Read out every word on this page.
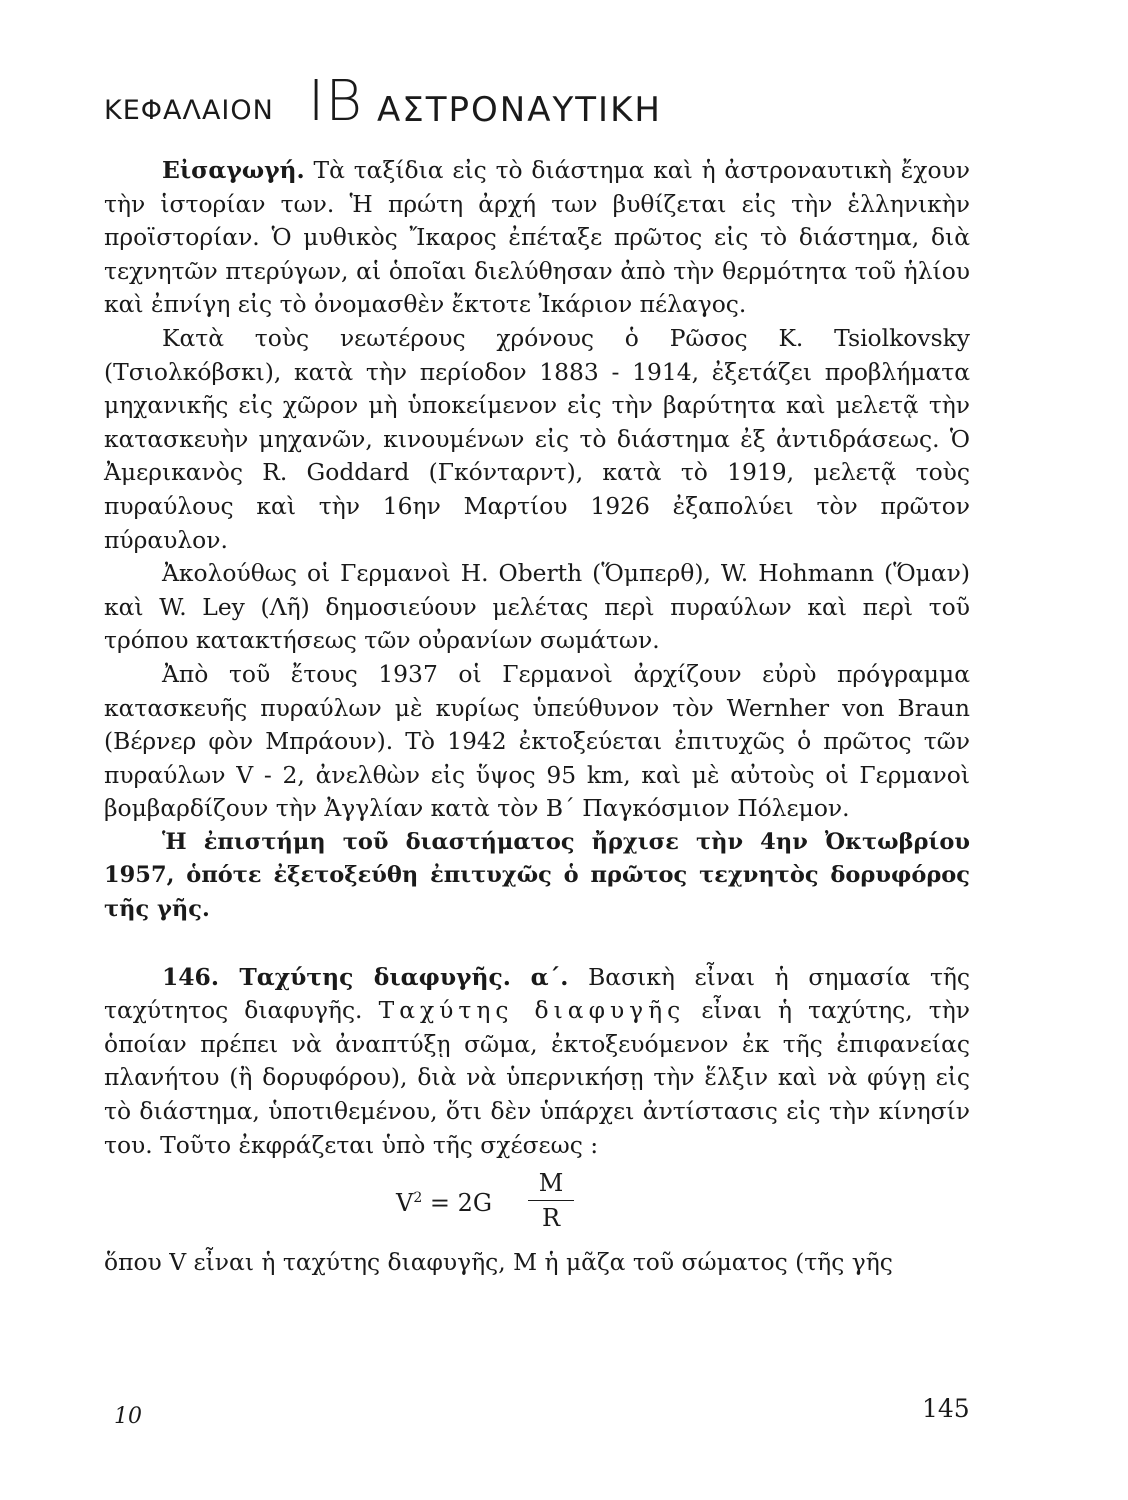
ΚΕΦΑΛΑΙΟΝ ΙΒ ΑΣΤΡΟΝΑΥΤΙΚΗ

Εἰσαγωγή. Τὰ ταξίδια εἰς τὸ διάστημα καὶ ἡ ἀστροναυτικὴ ἔχουν τὴν ἱστορίαν των. Ἡ πρώτη ἀρχή των βυθίζεται εἰς τὴν ἑλληνικὴν προϊστορίαν. Ὁ μυθικὸς Ἴκαρος ἐπέταξε πρῶτος εἰς τὸ διάστημα, διὰ τεχνητῶν πτερύγων, αἱ ὁποῖαι διελύθησαν ἀπὸ τὴν θερμότητα τοῦ ἡλίου καὶ ἐπνίγη εἰς τὸ ὀνομασθὲν ἔκτοτε Ἰκάριον πέλαγος.

Κατὰ τοὺς νεωτέρους χρόνους ὁ Ρῶσος K. Tsiolkovsky (Τσιολκόβσκι), κατὰ τὴν περίοδον 1883 - 1914, ἐξετάζει προβλήματα μηχανικῆς εἰς χῶρον μὴ ὑποκείμενον εἰς τὴν βαρύτητα καὶ μελετᾷ τὴν κατασκευὴν μηχανῶν, κινουμένων εἰς τὸ διάστημα ἐξ ἀντιδράσεως. Ὁ Ἀμερικανὸς R. Goddard (Γκόνταρντ), κατὰ τὸ 1919, μελετᾷ τοὺς πυραύλους καὶ τὴν 16ην Μαρτίου 1926 ἐξαπολύει τὸν πρῶτον πύραυλον.

Ἀκολούθως οἱ Γερμανοὶ H. Oberth (Ὅμπερθ), W. Hohmann (Ὅμαν) καὶ W. Ley (Λῆ) δημοσιεύουν μελέτας περὶ πυραύλων καὶ περὶ τοῦ τρόπου κατακτήσεως τῶν οὐρανίων σωμάτων.

Ἀπὸ τοῦ ἔτους 1937 οἱ Γερμανοὶ ἀρχίζουν εὐρὺ πρόγραμμα κατασκευῆς πυραύλων μὲ κυρίως ὑπεύθυνον τὸν Wernher von Braun (Βέρνερ φὸν Μπράουν). Τὸ 1942 ἐκτοξεύεται ἐπιτυχῶς ὁ πρῶτος τῶν πυραύλων V - 2, ἀνελθὼν εἰς ὕψος 95 km, καὶ μὲ αὐτοὺς οἱ Γερμανοὶ βομβαρδίζουν τὴν Ἀγγλίαν κατὰ τὸν Β΄ Παγκόσμιον Πόλεμον.

Ἡ ἐπιστήμη τοῦ διαστήματος ἤρχισε τὴν 4ην Ὀκτωβρίου 1957, ὁπότε ἐξετοξεύθη ἐπιτυχῶς ὁ πρῶτος τεχνητὸς δορυφόρος τῆς γῆς.

146. Ταχύτης διαφυγῆς. α΄. Βασικὴ εἶναι ἡ σημασία τῆς ταχύτητος διαφυγῆς. Ταχύτης διαφυγῆς εἶναι ἡ ταχύτης, τὴν ὁποίαν πρέπει νὰ ἀναπτύξῃ σῶμα, ἐκτοξευόμενον ἐκ τῆς ἐπιφανείας πλανήτου (ἢ δορυφόρου), διὰ νὰ ὑπερνικήσῃ τὴν ἕλξιν καὶ νὰ φύγῃ εἰς τὸ διάστημα, ὑποτιθεμένου, ὅτι δὲν ὑπάρχει ἀντίστασις εἰς τὴν κίνησίν του. Τοῦτο ἐκφράζεται ὑπὸ τῆς σχέσεως :

$V^2 = 2G$
M
R

ὅπου V εἶναι ἡ ταχύτης διαφυγῆς, M ἡ μᾶζα τοῦ σώματος (τῆς γῆς

10	145
